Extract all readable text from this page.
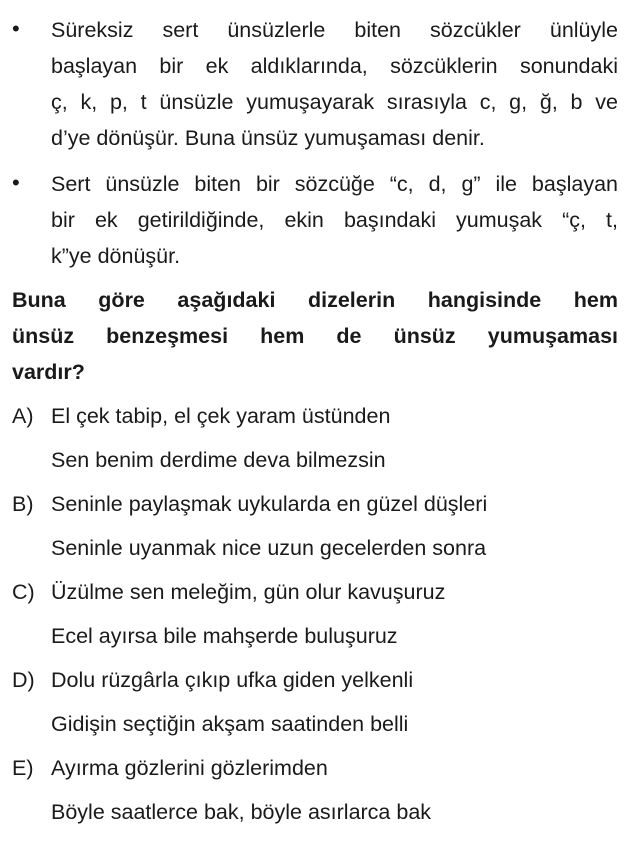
• Süreksiz sert ünsüzlerle biten sözcükler ünlüyle
başlayan bir ek aldıklarında, sözcüklerin sonundaki
ç, k, p, t ünsüzle yumuşayarak sırasıyla c, g, ğ, b ve
d’ye dönüşür. Buna ünsüz yumuşaması denir.
• Sert ünsüzle biten bir sözcüğe “c, d, g” ile başlayan
bir ek getirildiğinde, ekin başındaki yumuşak “ç, t,
k”ye dönüşür.
Buna göre aşağıdaki dizelerin hangisinde hem
ünsüz benzeşmesi hem de ünsüz yumuşaması
vardır?
A) El çek tabip, el çek yaram üstünden
Sen benim derdime deva bilmezsin
B) Seninle paylaşmak uykularda en güzel düşleri
Seninle uyanmak nice uzun gecelerden sonra
C) Üzülme sen meleğim, gün olur kavuşuruz
Ecel ayırsa bile mahşerde buluşuruz
D) Dolu rüzgârla çıkıp ufka giden yelkenli
Gidişin seçtiğin akşam saatinden belli
E) Ayırma gözlerini gözlerimden
Böyle saatlerce bak, böyle asırlarca bak
